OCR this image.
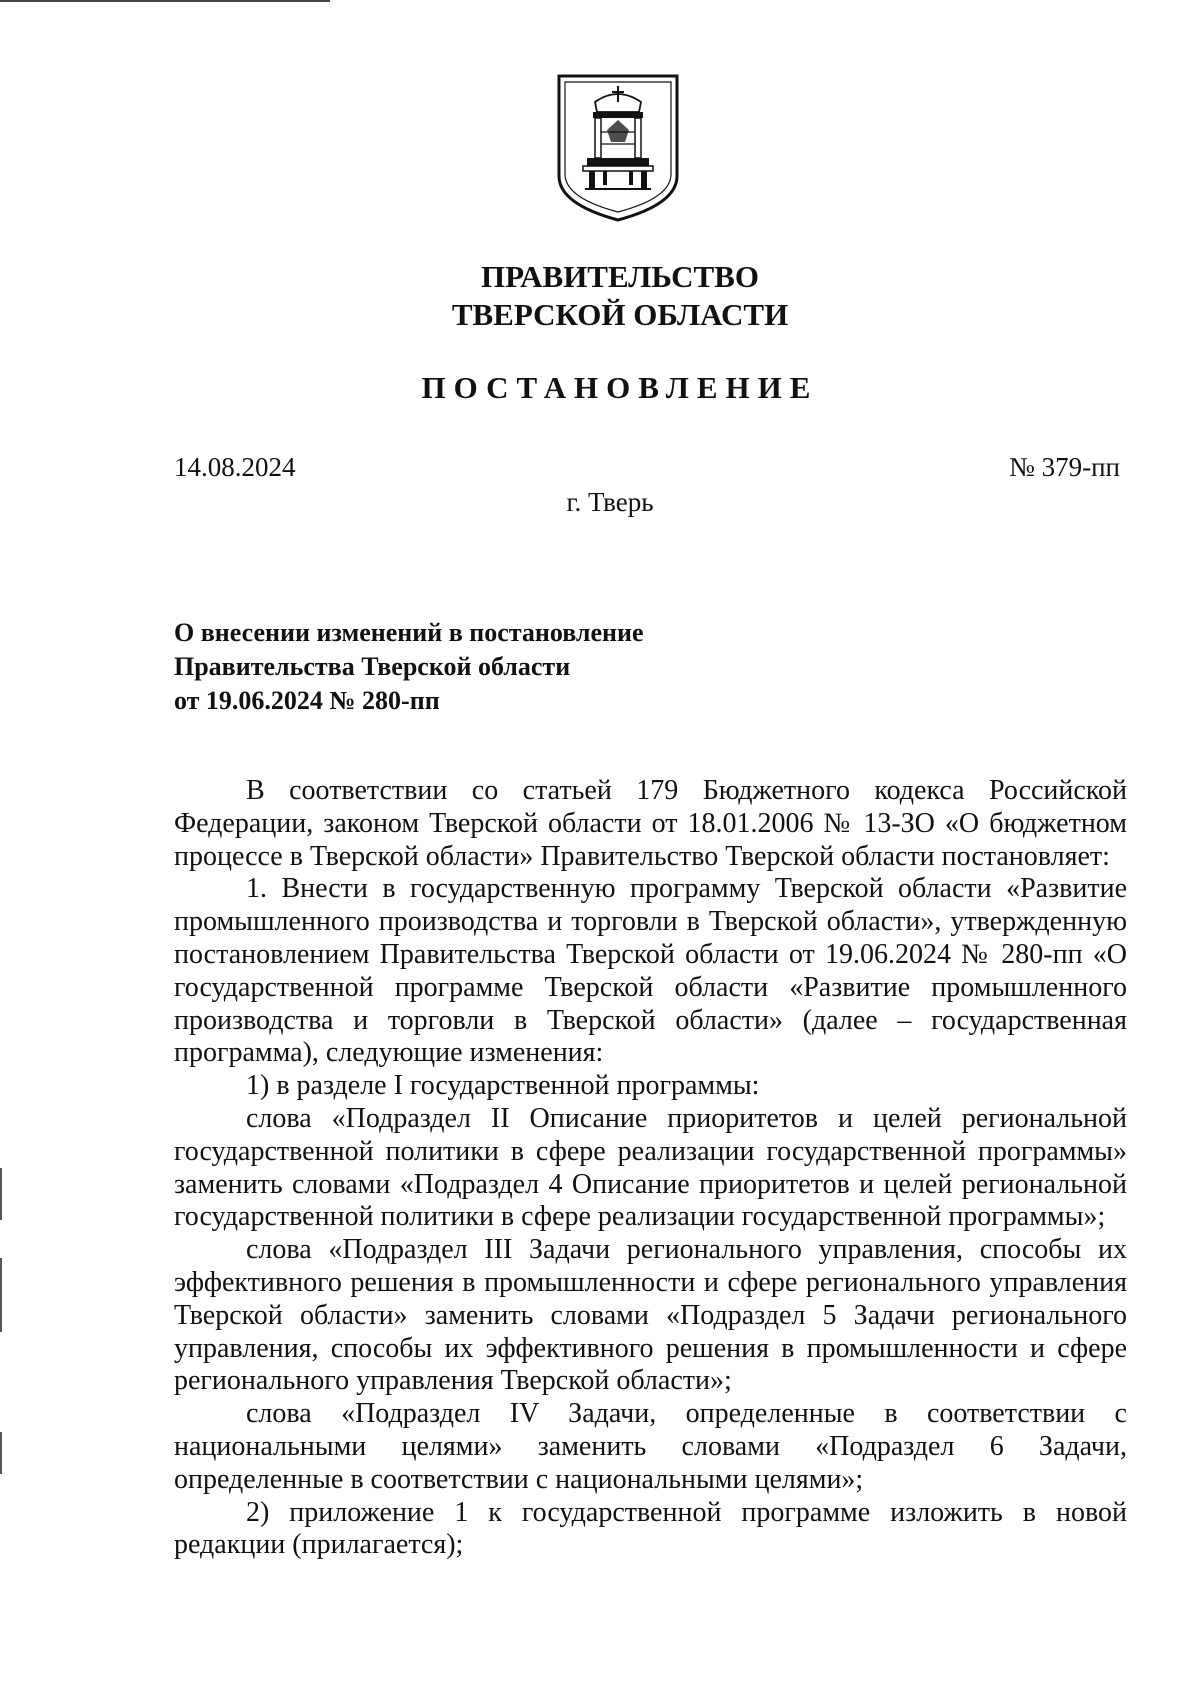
ПРАВИТЕЛЬСТВО
ТВЕРСКОЙ ОБЛАСТИ
ПОСТАНОВЛЕНИЕ
14.08.2024	№ 379-пп
г. Тверь
О внесении изменений в постановление
Правительства Тверской области
от 19.06.2024 № 280-пп

В соответствии со статьей 179 Бюджетного кодекса Российской Федерации, законом Тверской области от 18.01.2006 № 13-ЗО «О бюджетном процессе в Тверской области» Правительство Тверской области постановляет:

1. Внести в государственную программу Тверской области «Развитие промышленного производства и торговли в Тверской области», утвержденную постановлением Правительства Тверской области от 19.06.2024 № 280-пп «О государственной программе Тверской области «Развитие промышленного производства и торговли в Тверской области» (далее – государственная программа), следующие изменения:

1) в разделе I государственной программы:

слова «Подраздел II Описание приоритетов и целей региональной государственной политики в сфере реализации государственной программы» заменить словами «Подраздел 4 Описание приоритетов и целей региональной государственной политики в сфере реализации государственной программы»;

слова «Подраздел III Задачи регионального управления, способы их эффективного решения в промышленности и сфере регионального управления Тверской области» заменить словами «Подраздел 5 Задачи регионального управления, способы их эффективного решения в промышленности и сфере регионального управления Тверской области»;

слова «Подраздел IV Задачи, определенные в соответствии с национальными целями» заменить словами «Подраздел 6 Задачи, определенные в соответствии с национальными целями»;

2) приложение 1 к государственной программе изложить в новой редакции (прилагается);
